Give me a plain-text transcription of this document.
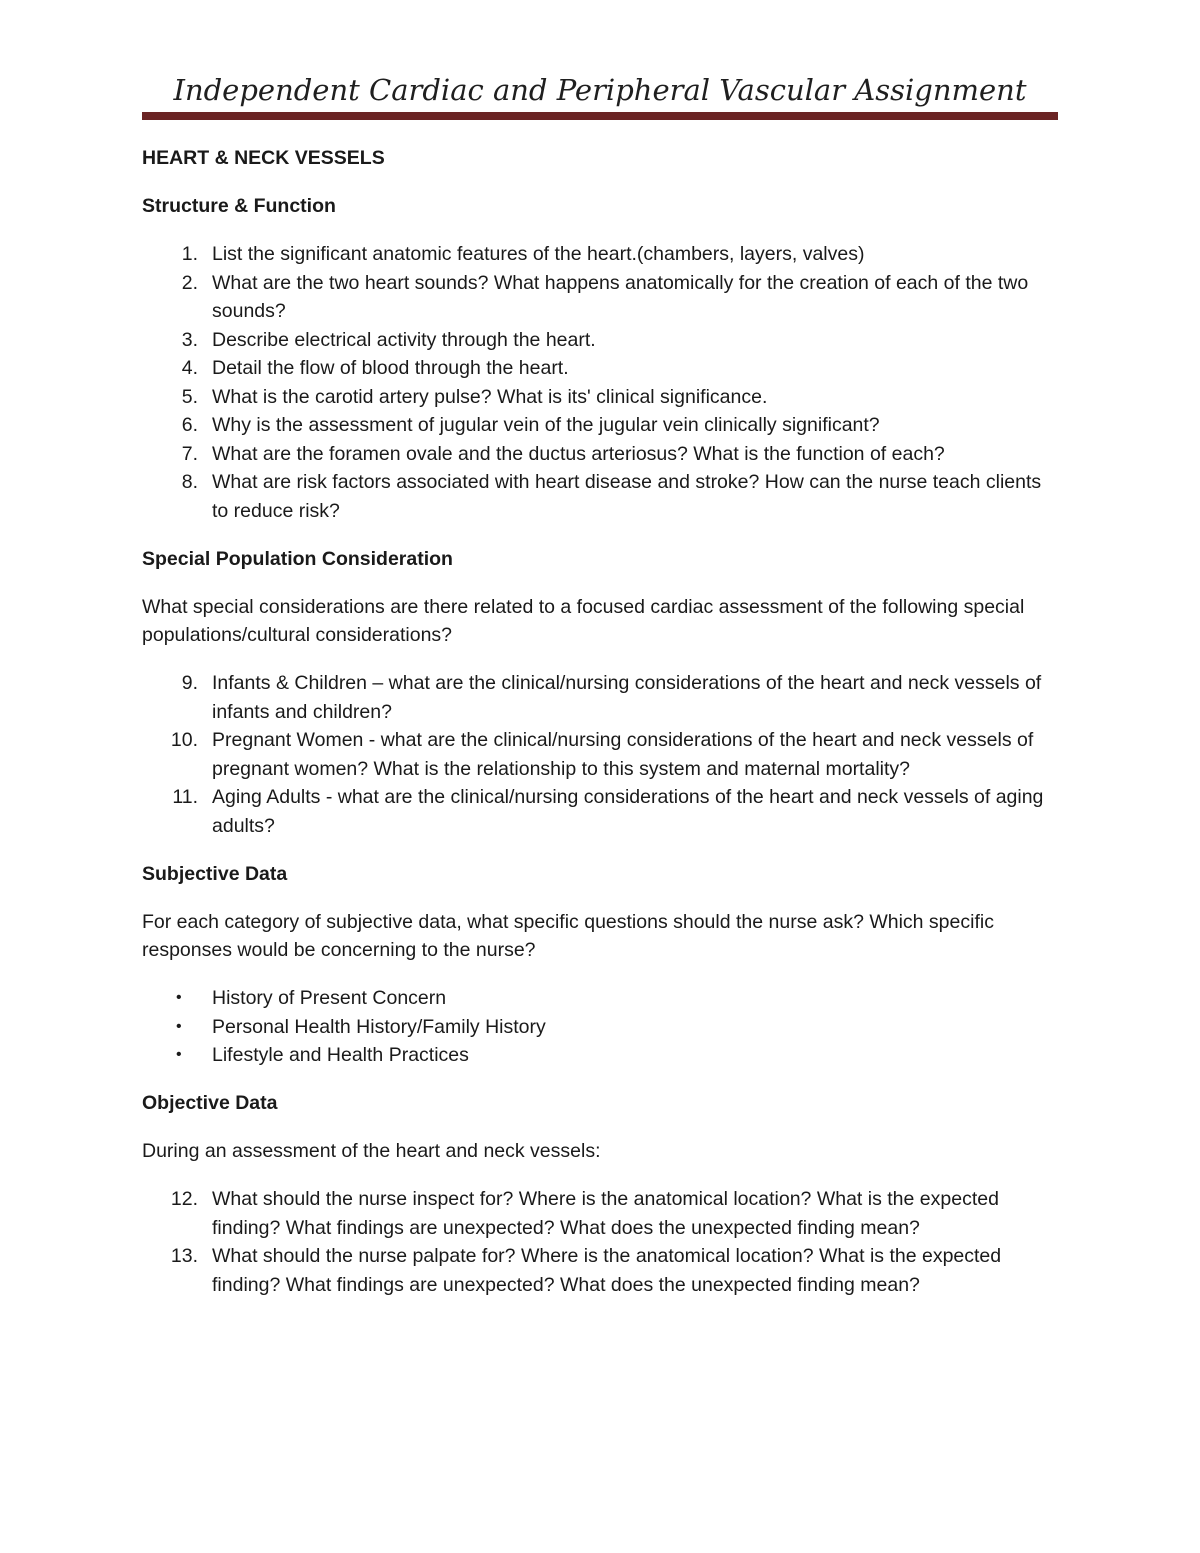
Independent Cardiac and Peripheral Vascular Assignment
HEART & NECK VESSELS
Structure & Function
1. List the significant anatomic features of the heart.(chambers, layers, valves)
2. What are the two heart sounds? What happens anatomically for the creation of each of the two sounds?
3. Describe electrical activity through the heart.
4. Detail the flow of blood through the heart.
5. What is the carotid artery pulse? What is its' clinical significance.
6. Why is the assessment of jugular vein of the jugular vein clinically significant?
7. What are the foramen ovale and the ductus arteriosus? What is the function of each?
8. What are risk factors associated with heart disease and stroke? How can the nurse teach clients to reduce risk?
Special Population Consideration

What special considerations are there related to a focused cardiac assessment of the following special populations/cultural considerations?

9. Infants & Children – what are the clinical/nursing considerations of the heart and neck vessels of infants and children?
10. Pregnant Women - what are the clinical/nursing considerations of the heart and neck vessels of pregnant women? What is the relationship to this system and maternal mortality?
11. Aging Adults - what are the clinical/nursing considerations of the heart and neck vessels of aging adults?
Subjective Data

For each category of subjective data, what specific questions should the nurse ask? Which specific responses would be concerning to the nurse?

• History of Present Concern
• Personal Health History/Family History
• Lifestyle and Health Practices
Objective Data

During an assessment of the heart and neck vessels:

12. What should the nurse inspect for? Where is the anatomical location? What is the expected finding? What findings are unexpected? What does the unexpected finding mean?
13. What should the nurse palpate for? Where is the anatomical location? What is the expected finding? What findings are unexpected? What does the unexpected finding mean?
